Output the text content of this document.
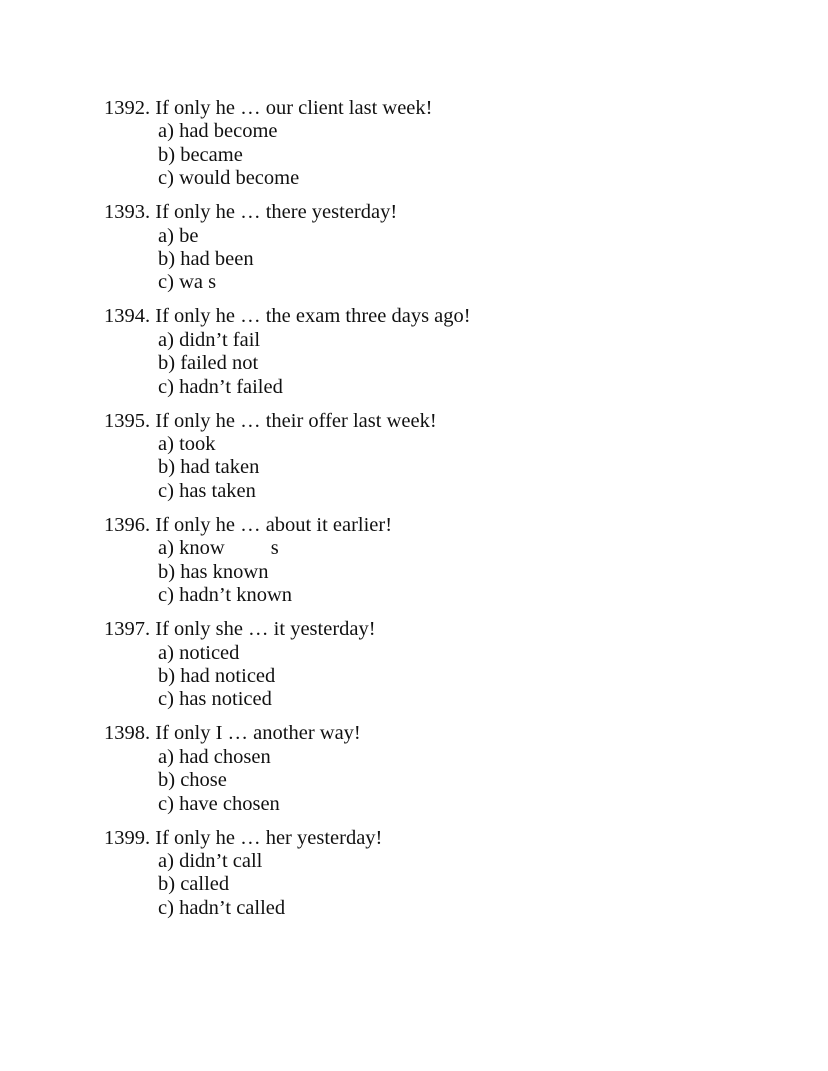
1392. If only he … our client last week!
a) had become
b) became
c) would become
1393. If only he … there yesterday!
a) be
b) had been
c) wa s
1394. If only he … the exam three days ago!
a) didn’t fail
b) failed not
c) hadn’t failed
1395. If only he … their offer last week!
a) took
b) had taken
c) has taken
1396. If only he … about it earlier!
a) know         s
b) has known
c) hadn’t known
1397. If only she … it yesterday!
a) noticed
b) had noticed
c) has noticed
1398. If only I … another way!
a) had chosen
b) chose
c) have chosen
1399. If only he … her yesterday!
a) didn’t call
b) called
c) hadn’t called
